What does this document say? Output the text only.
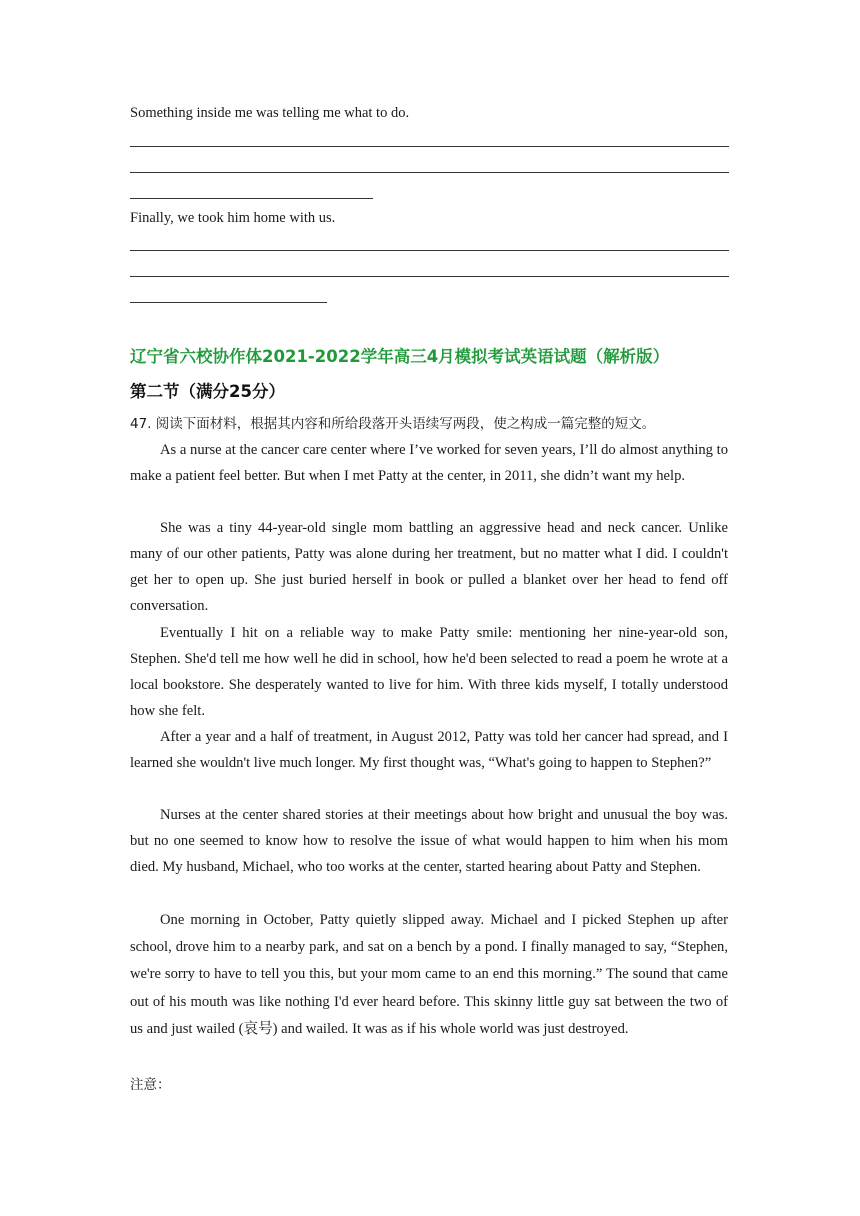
Something inside me was telling me what to do.
Finally, we took him home with us.
辽宁省六校协作体2021-2022学年高三4月模拟考试英语试题（解析版）
第二节（满分25分）
47. 阅读下面材料，根据其内容和所给段落开头语续写两段，使之构成一篇完整的短文。
As a nurse at the cancer care center where I’ve worked for seven years, I’ll do almost anything to make a patient feel better. But when I met Patty at the center, in 2011, she didn’t want my help.
She was a tiny 44-year-old single mom battling an aggressive head and neck cancer. Unlike many of our other patients, Patty was alone during her treatment, but no matter what I did. I couldn't get her to open up. She just buried herself in book or pulled a blanket over her head to fend off conversation.
Eventually I hit on a reliable way to make Patty smile: mentioning her nine-year-old son, Stephen. She'd tell me how well he did in school, how he'd been selected to read a poem he wrote at a local bookstore. She desperately wanted to live for him. With three kids myself, I totally understood how she felt.
After a year and a half of treatment, in August 2012, Patty was told her cancer had spread, and I learned she wouldn't live much longer. My first thought was, “What's going to happen to Stephen?”
Nurses at the center shared stories at their meetings about how bright and unusual the boy was. but no one seemed to know how to resolve the issue of what would happen to him when his mom died. My husband, Michael, who too works at the center, started hearing about Patty and Stephen.
One morning in October, Patty quietly slipped away. Michael and I picked Stephen up after school, drove him to a nearby park, and sat on a bench by a pond. I finally managed to say, “Stephen, we're sorry to have to tell you this, but your mom came to an end this morning.” The sound that came out of his mouth was like nothing I'd ever heard before. This skinny little guy sat between the two of us and just wailed (哀号) and wailed. It was as if his whole world was just destroyed.
注意：
